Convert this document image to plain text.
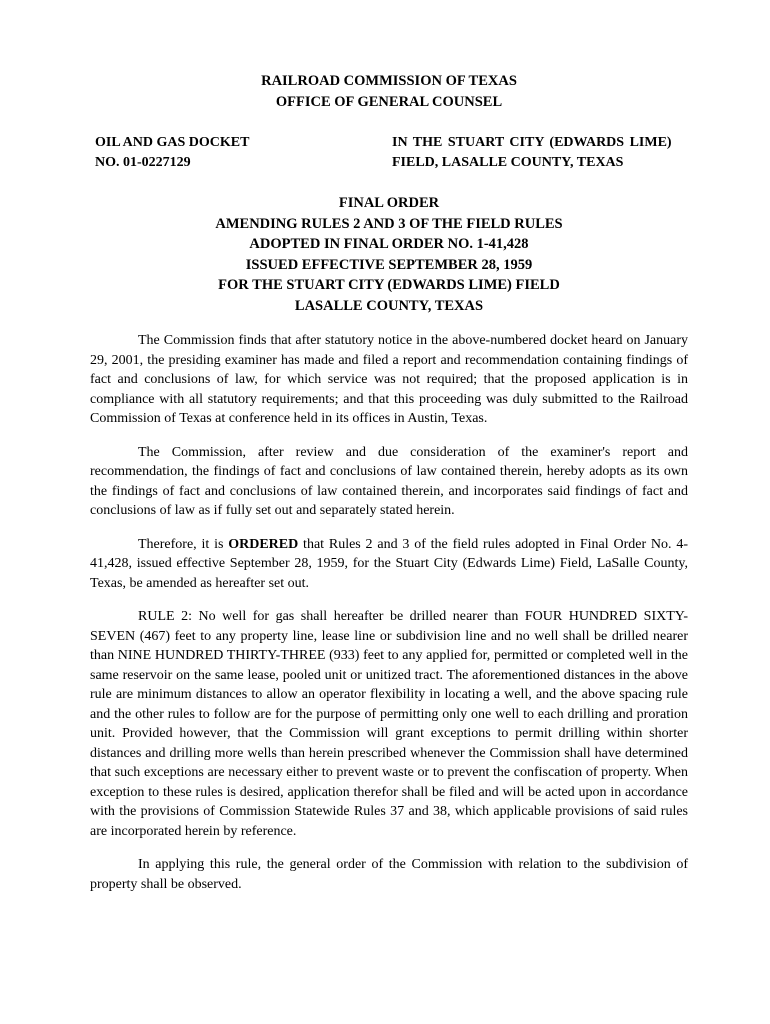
RAILROAD COMMISSION OF TEXAS
OFFICE OF GENERAL COUNSEL
OIL AND GAS DOCKET
NO. 01-0227129
IN THE STUART CITY (EDWARDS LIME)
FIELD, LASALLE COUNTY, TEXAS
FINAL ORDER
AMENDING RULES 2 AND 3 OF THE FIELD RULES
ADOPTED IN FINAL ORDER NO. 1-41,428
ISSUED EFFECTIVE SEPTEMBER 28, 1959
FOR THE STUART CITY (EDWARDS LIME) FIELD
LASALLE COUNTY, TEXAS

The Commission finds that after statutory notice in the above-numbered docket heard on January 29, 2001, the presiding examiner has made and filed a report and recommendation containing findings of fact and conclusions of law, for which service was not required; that the proposed application is in compliance with all statutory requirements; and that this proceeding was duly submitted to the Railroad Commission of Texas at conference held in its offices in Austin, Texas.

The Commission, after review and due consideration of the examiner's report and recommendation, the findings of fact and conclusions of law contained therein, hereby adopts as its own the findings of fact and conclusions of law contained therein, and incorporates said findings of fact and conclusions of law as if fully set out and separately stated herein.

Therefore, it is ORDERED that Rules 2 and 3 of the field rules adopted in Final Order No. 4-41,428, issued effective September 28, 1959, for the Stuart City (Edwards Lime) Field, LaSalle County, Texas, be amended as hereafter set out.

RULE 2: No well for gas shall hereafter be drilled nearer than FOUR HUNDRED SIXTY-SEVEN (467) feet to any property line, lease line or subdivision line and no well shall be drilled nearer than NINE HUNDRED THIRTY-THREE (933) feet to any applied for, permitted or completed well in the same reservoir on the same lease, pooled unit or unitized tract. The aforementioned distances in the above rule are minimum distances to allow an operator flexibility in locating a well, and the above spacing rule and the other rules to follow are for the purpose of permitting only one well to each drilling and proration unit. Provided however, that the Commission will grant exceptions to permit drilling within shorter distances and drilling more wells than herein prescribed whenever the Commission shall have determined that such exceptions are necessary either to prevent waste or to prevent the confiscation of property. When exception to these rules is desired, application therefor shall be filed and will be acted upon in accordance with the provisions of Commission Statewide Rules 37 and 38, which applicable provisions of said rules are incorporated herein by reference.

In applying this rule, the general order of the Commission with relation to the subdivision of property shall be observed.
